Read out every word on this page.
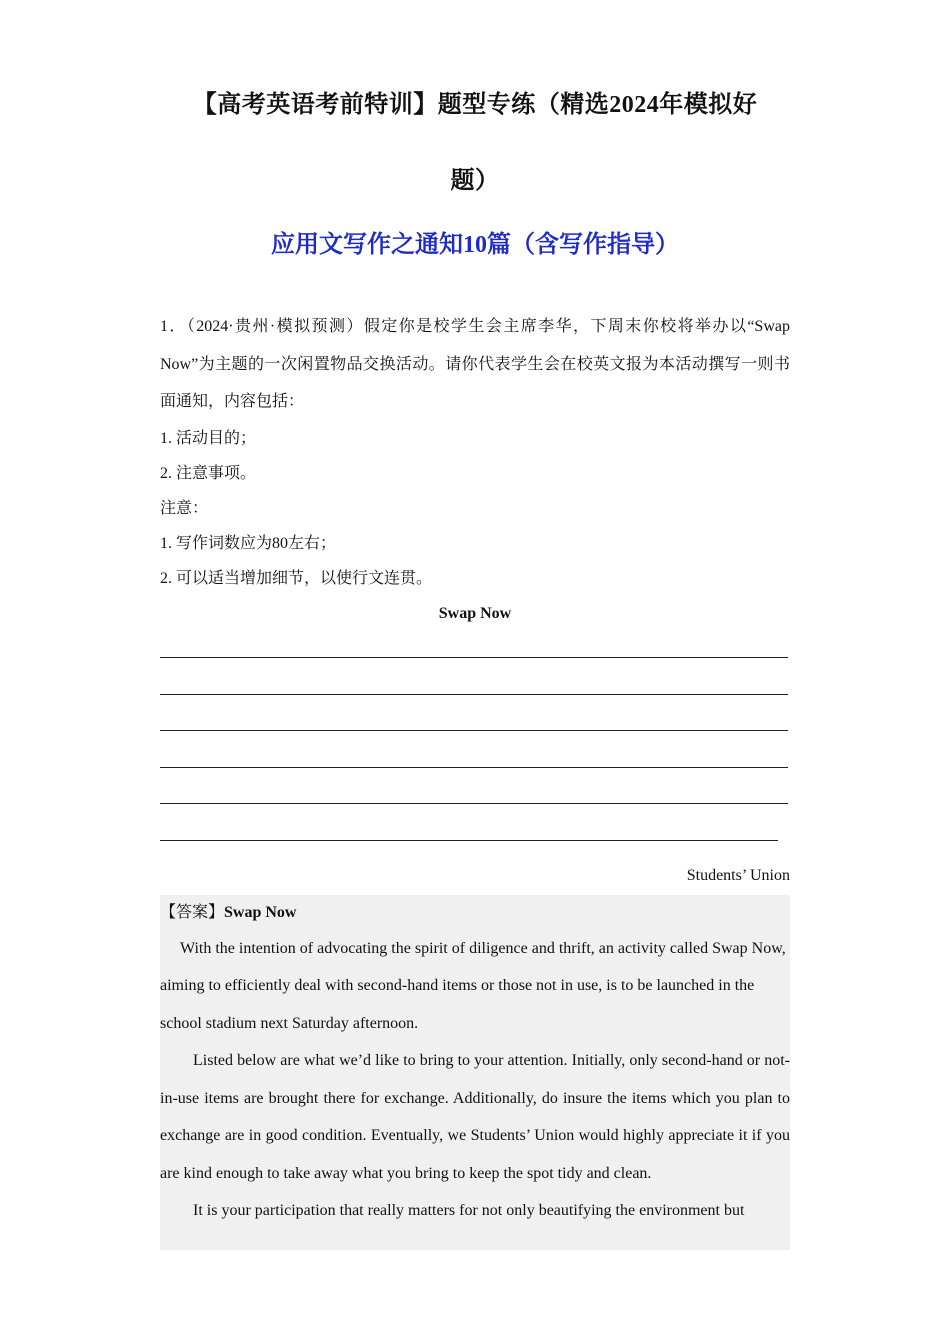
【高考英语考前特训】题型专练（精选2024年模拟好
题）
应用文写作之通知10篇（含写作指导）

1．（2024·贵州·模拟预测）假定你是校学生会主席李华，下周末你校将举办以“Swap Now”为主题的一次闲置物品交换活动。请你代表学生会在校英文报为本活动撰写一则书面通知，内容包括：

1. 活动目的；

2. 注意事项。

注意：

1. 写作词数应为80左右；

2. 可以适当增加细节，以使行文连贯。

Swap Now

Students’ Union

【答案】Swap Now

With the intention of advocating the spirit of diligence and thrift, an activity called Swap Now, aiming to efficiently deal with second-hand items or those not in use, is to be launched in the school stadium next Saturday afternoon.

Listed below are what we’d like to bring to your attention. Initially, only second-hand or not-in-use items are brought there for exchange. Additionally, do insure the items which you plan to exchange are in good condition. Eventually, we Students’ Union would highly appreciate it if you are kind enough to take away what you bring to keep the spot tidy and clean.

It is your participation that really matters for not only beautifying the environment but
